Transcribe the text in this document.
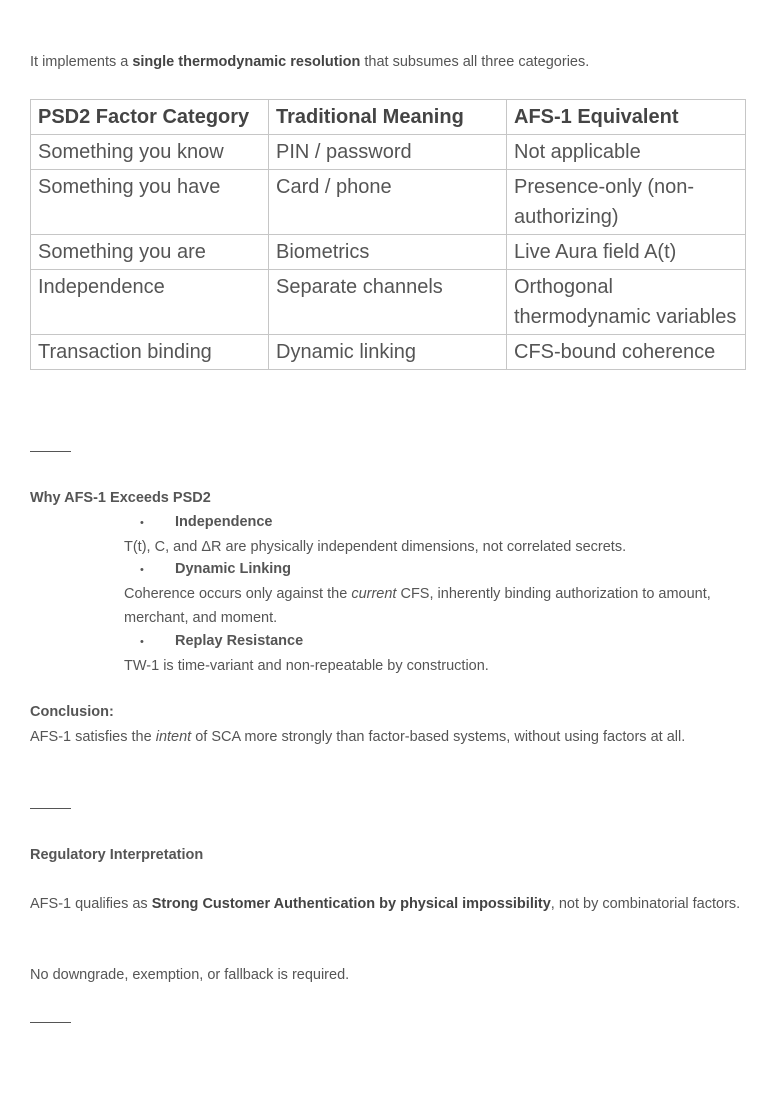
It implements a single thermodynamic resolution that subsumes all three categories.
PSD2 Factor Category	Traditional Meaning	AFS-1 Equivalent
Something you know	PIN / password	Not applicable
Something you have	Card / phone	Presence-only (non-authorizing)
Something you are	Biometrics	Live Aura field A(t)
Independence	Separate channels	Orthogonal thermodynamic variables
Transaction binding	Dynamic linking	CFS-bound coherence
Why AFS-1 Exceeds PSD2
• Independence
T(t), C, and ΔR are physically independent dimensions, not correlated secrets.
• Dynamic Linking
Coherence occurs only against the current CFS, inherently binding authorization to amount, merchant, and moment.
• Replay Resistance
TW-1 is time-variant and non-repeatable by construction.
Conclusion:
AFS-1 satisfies the intent of SCA more strongly than factor-based systems, without using factors at all.
Regulatory Interpretation
AFS-1 qualifies as Strong Customer Authentication by physical impossibility, not by combinatorial factors.
No downgrade, exemption, or fallback is required.
